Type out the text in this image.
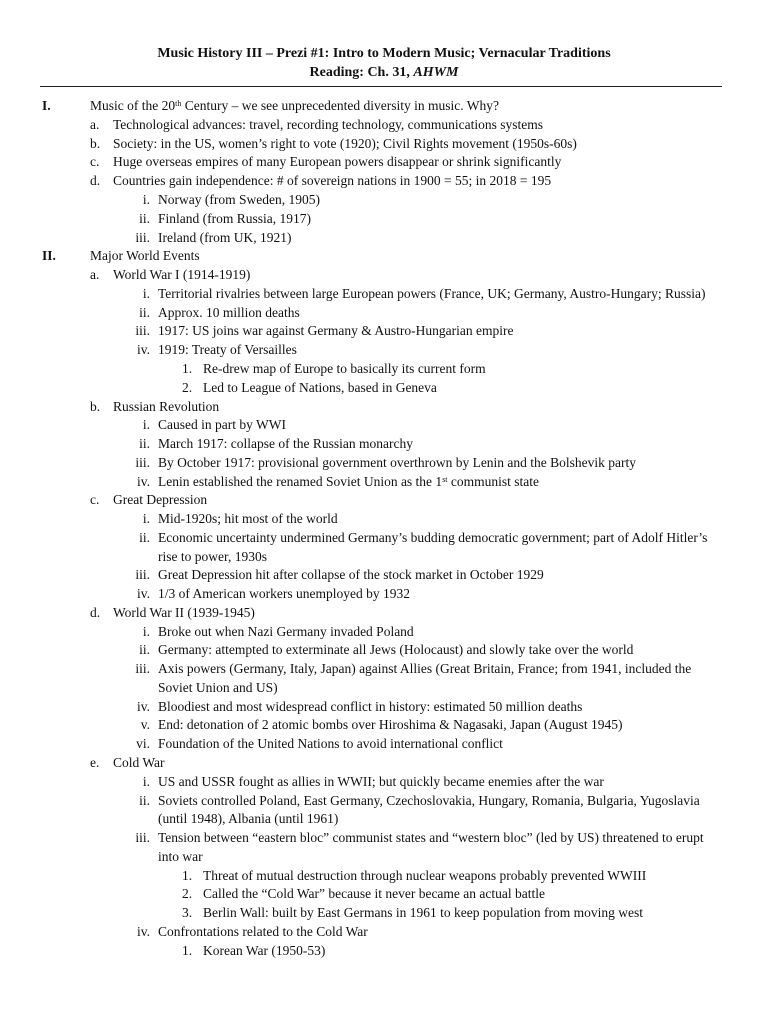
Music History III – Prezi #1: Intro to Modern Music; Vernacular Traditions
Reading: Ch. 31, AHWM
I.	Music of the 20th Century – we see unprecedented diversity in music. Why?
a. Technological advances: travel, recording technology, communications systems
b. Society: in the US, women’s right to vote (1920); Civil Rights movement (1950s-60s)
c. Huge overseas empires of many European powers disappear or shrink significantly
d. Countries gain independence: # of sovereign nations in 1900 = 55; in 2018 = 195
i. Norway (from Sweden, 1905)
ii. Finland (from Russia, 1917)
iii. Ireland (from UK, 1921)
II.	Major World Events
a. World War I (1914-1919)
i. Territorial rivalries between large European powers (France, UK; Germany, Austro-Hungary; Russia)
ii. Approx. 10 million deaths
iii. 1917: US joins war against Germany & Austro-Hungarian empire
iv. 1919: Treaty of Versailles
1. Re-drew map of Europe to basically its current form
2. Led to League of Nations, based in Geneva
b. Russian Revolution
i. Caused in part by WWI
ii. March 1917: collapse of the Russian monarchy
iii. By October 1917: provisional government overthrown by Lenin and the Bolshevik party
iv. Lenin established the renamed Soviet Union as the 1st communist state
c. Great Depression
i. Mid-1920s; hit most of the world
ii. Economic uncertainty undermined Germany’s budding democratic government; part of Adolf Hitler’s
rise to power, 1930s
iii. Great Depression hit after collapse of the stock market in October 1929
iv. 1/3 of American workers unemployed by 1932
d. World War II (1939-1945)
i. Broke out when Nazi Germany invaded Poland
ii. Germany: attempted to exterminate all Jews (Holocaust) and slowly take over the world
iii. Axis powers (Germany, Italy, Japan) against Allies (Great Britain, France; from 1941, included the
Soviet Union and US)
iv. Bloodiest and most widespread conflict in history: estimated 50 million deaths
v. End: detonation of 2 atomic bombs over Hiroshima & Nagasaki, Japan (August 1945)
vi. Foundation of the United Nations to avoid international conflict
e. Cold War
i. US and USSR fought as allies in WWII; but quickly became enemies after the war
ii. Soviets controlled Poland, East Germany, Czechoslovakia, Hungary, Romania, Bulgaria, Yugoslavia
(until 1948), Albania (until 1961)
iii. Tension between “eastern bloc” communist states and “western bloc” (led by US) threatened to erupt
into war
1. Threat of mutual destruction through nuclear weapons probably prevented WWIII
2. Called the “Cold War” because it never became an actual battle
3. Berlin Wall: built by East Germans in 1961 to keep population from moving west
iv. Confrontations related to the Cold War
1. Korean War (1950-53)
